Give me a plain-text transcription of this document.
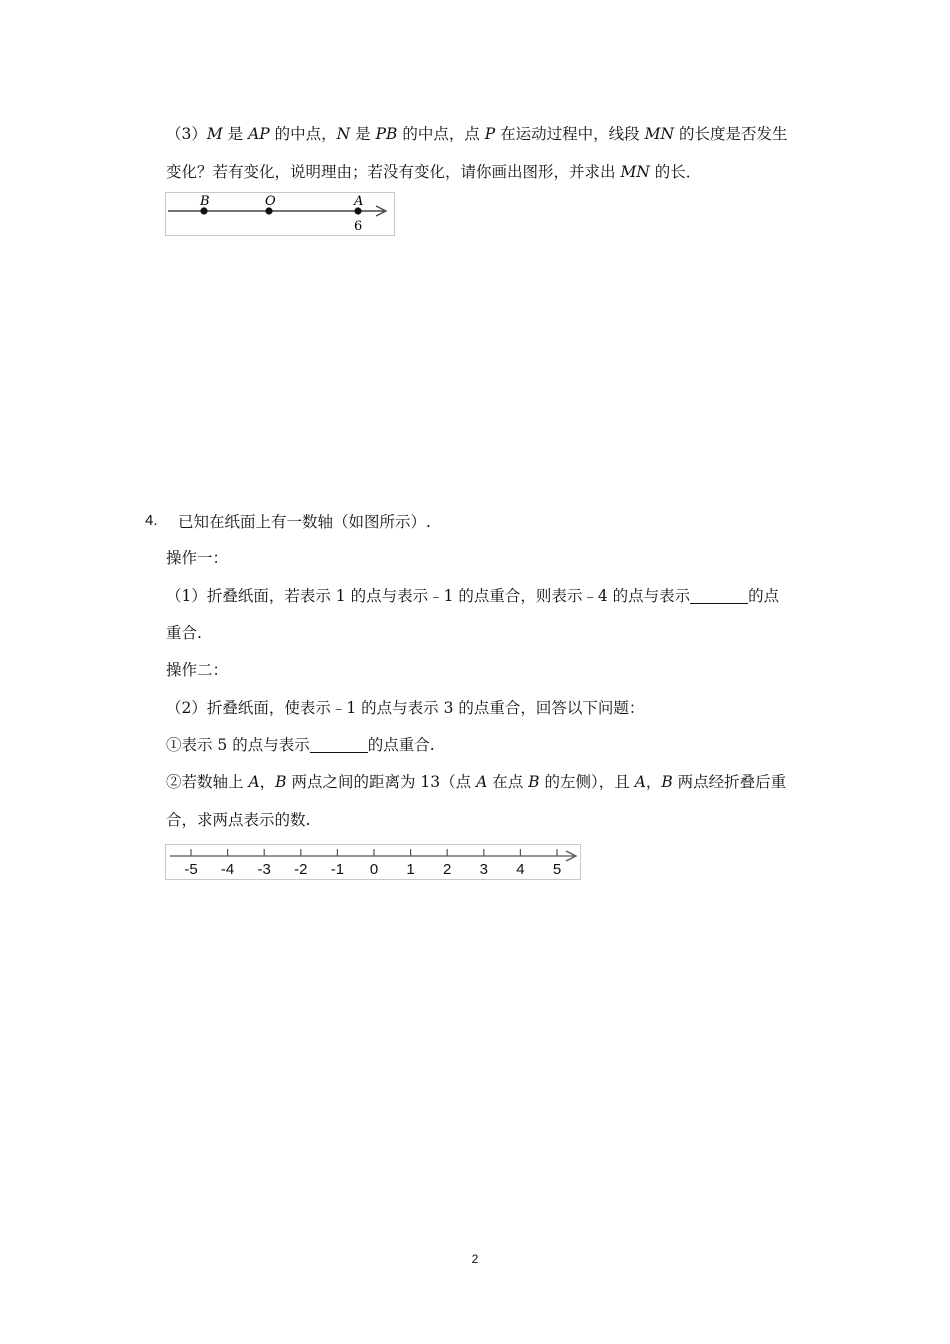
（3）M 是 AP 的中点，N 是 PB 的中点，点 P 在运动过程中，线段 MN 的长度是否发生
变化？若有变化，说明理由；若没有变化，请你画出图形，并求出 MN 的长．
B	O	A
6
4. 已知在纸面上有一数轴（如图所示）.
操作一：
（1）折叠纸面，若表示 1 的点与表示﹣1 的点重合，则表示﹣4 的点与表示	的点
重合.
操作二：
（2）折叠纸面，使表示﹣1 的点与表示 3 的点重合，回答以下问题：
①表示 5 的点与表示	的点重合.
②若数轴上 A，B 两点之间的距离为 13（点 A 在点 B 的左侧），且 A，B 两点经折叠后重
合，求两点表示的数.
-5 -4 -3 -2 -1 0 1 2 3 4 5
2
